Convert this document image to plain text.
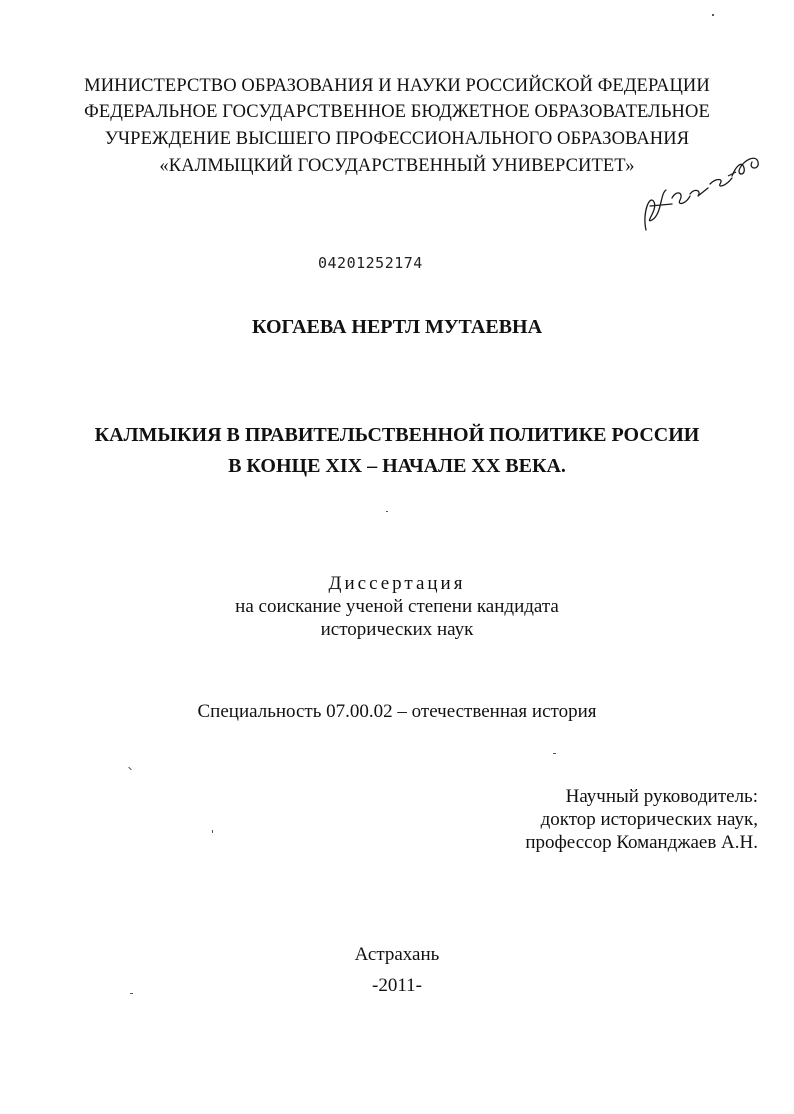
МИНИСТЕРСТВО ОБРАЗОВАНИЯ И НАУКИ РОССИЙСКОЙ ФЕДЕРАЦИИ
ФЕДЕРАЛЬНОЕ ГОСУДАРСТВЕННОЕ БЮДЖЕТНОЕ ОБРАЗОВАТЕЛЬНОЕ
УЧРЕЖДЕНИЕ ВЫСШЕГО ПРОФЕССИОНАЛЬНОГО ОБРАЗОВАНИЯ
«КАЛМЫЦКИЙ ГОСУДАРСТВЕННЫЙ УНИВЕРСИТЕТ»
04201252174
КОГАЕВА НЕРТЛ МУТАЕВНА
КАЛМЫКИЯ В ПРАВИТЕЛЬСТВЕННОЙ ПОЛИТИКЕ РОССИИ
В КОНЦЕ XIX – НАЧАЛЕ XX ВЕКА.
Диссертация
на соискание ученой степени кандидата
исторических наук
Специальность 07.00.02 – отечественная история
Научный руководитель:
доктор исторических наук,
профессор Команджаев А.Н.
Астрахань
-2011-
